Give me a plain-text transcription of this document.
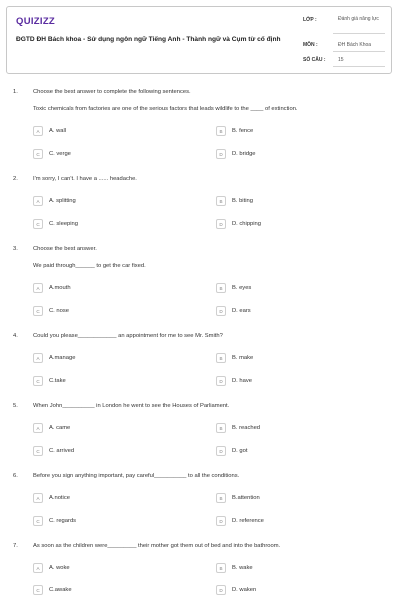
QUIZIZZ
ĐGTD ĐH Bách khoa - Sử dụng ngôn ngữ Tiếng Anh - Thành ngữ và Cụm từ cố định
LỚP :	Đánh giá năng lực
MÔN :	ĐH Bách Khoa
SỐ CÂU :	15
1.	Choose the best answer to complete the following sentences.
Toxic chemicals from factories are one of the serious factors that leads wildlife to the ____ of extinction.
A	A. wall	B	B. fence
C	C. verge	D	D. bridge
2.	I'm sorry, I can't. I have a ...... headache.
A	A. splitting	B	B. biting
C	C. sleeping	D	D. chipping
3.	Choose the best answer.
We paid through______ to get the car fixed.
A	A.mouth	B	B. eyes
C	C. nose	D	D. ears
4.	Could you please____________ an appointment for me to see Mr. Smith?
A	A.manage	B	B. make
C	C.take	D	D. have
5.	When John__________ in London he went to see the Houses of Parliament.
A	A. came	B	B. reached
C	C. arrived	D	D. got
6.	Before you sign anything important, pay careful__________ to all the conditions.
A	A.notice	B	B.attention
C	C. regards	D	D. reference
7.	As soon as the children were_________ their mother got them out of bed and into the bathroom.
A	A. woke	B	B. wake
C	C.awake	D	D. waken
